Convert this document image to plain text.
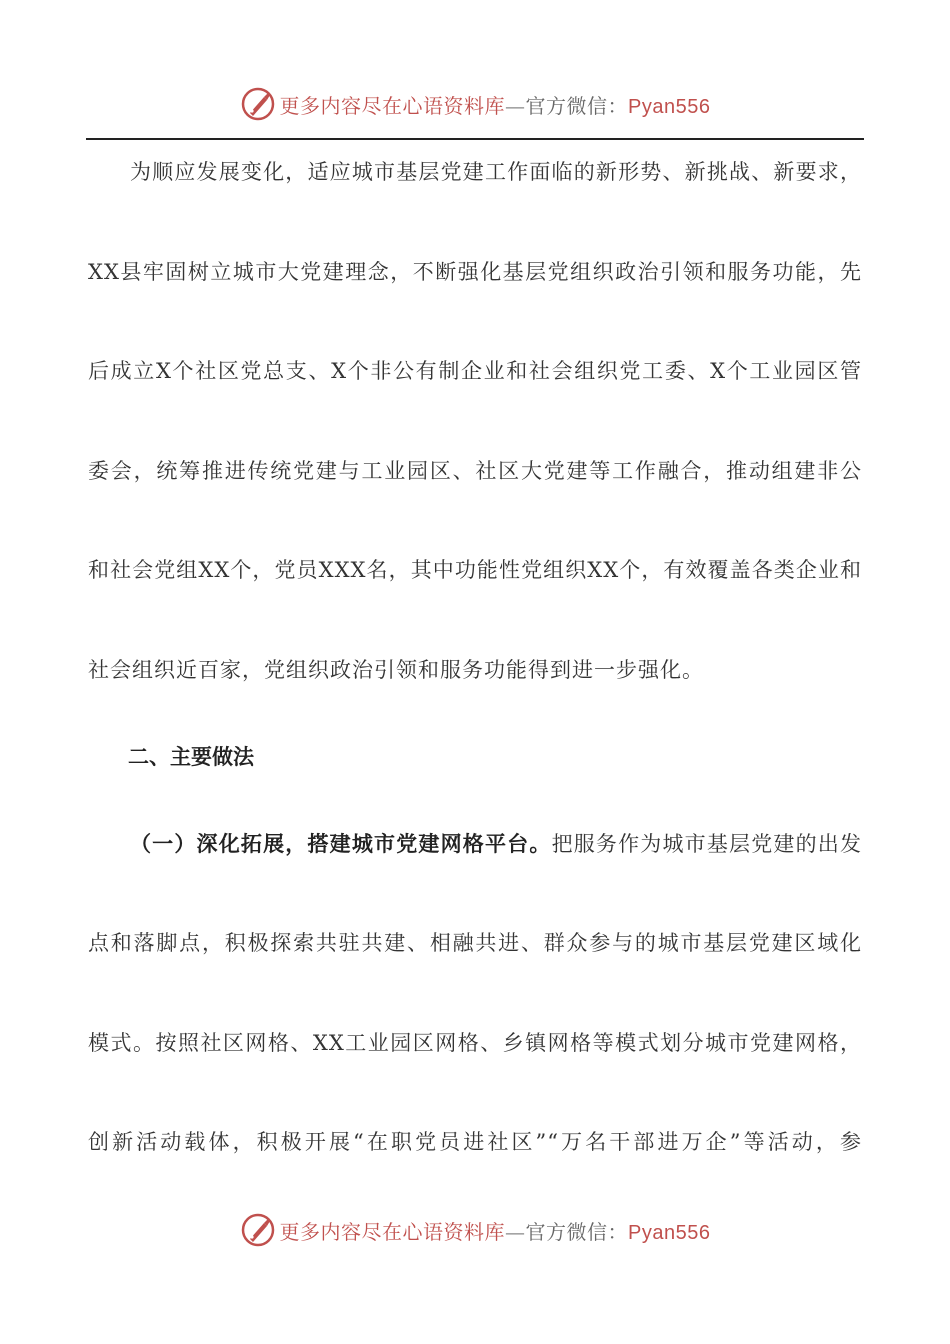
更多内容尽在心语资料库—官方微信：Pyan556
为顺应发展变化，适应城市基层党建工作面临的新形势、新挑战、新要求，
XX县牢固树立城市大党建理念，不断强化基层党组织政治引领和服务功能，先
后成立X个社区党总支、X个非公有制企业和社会组织党工委、X个工业园区管
委会，统筹推进传统党建与工业园区、社区大党建等工作融合，推动组建非公
和社会党组XX个，党员XXX名，其中功能性党组织XX个，有效覆盖各类企业和
社会组织近百家，党组织政治引领和服务功能得到进一步强化。
二、主要做法
（一）深化拓展，搭建城市党建网格平台。把服务作为城市基层党建的出发
点和落脚点，积极探索共驻共建、相融共进、群众参与的城市基层党建区域化
模式。按照社区网格、XX工业园区网格、乡镇网格等模式划分城市党建网格，
创新活动载体，积极开展“在职党员进社区”“万名干部进万企”等活动，参
更多内容尽在心语资料库—官方微信：Pyan556
